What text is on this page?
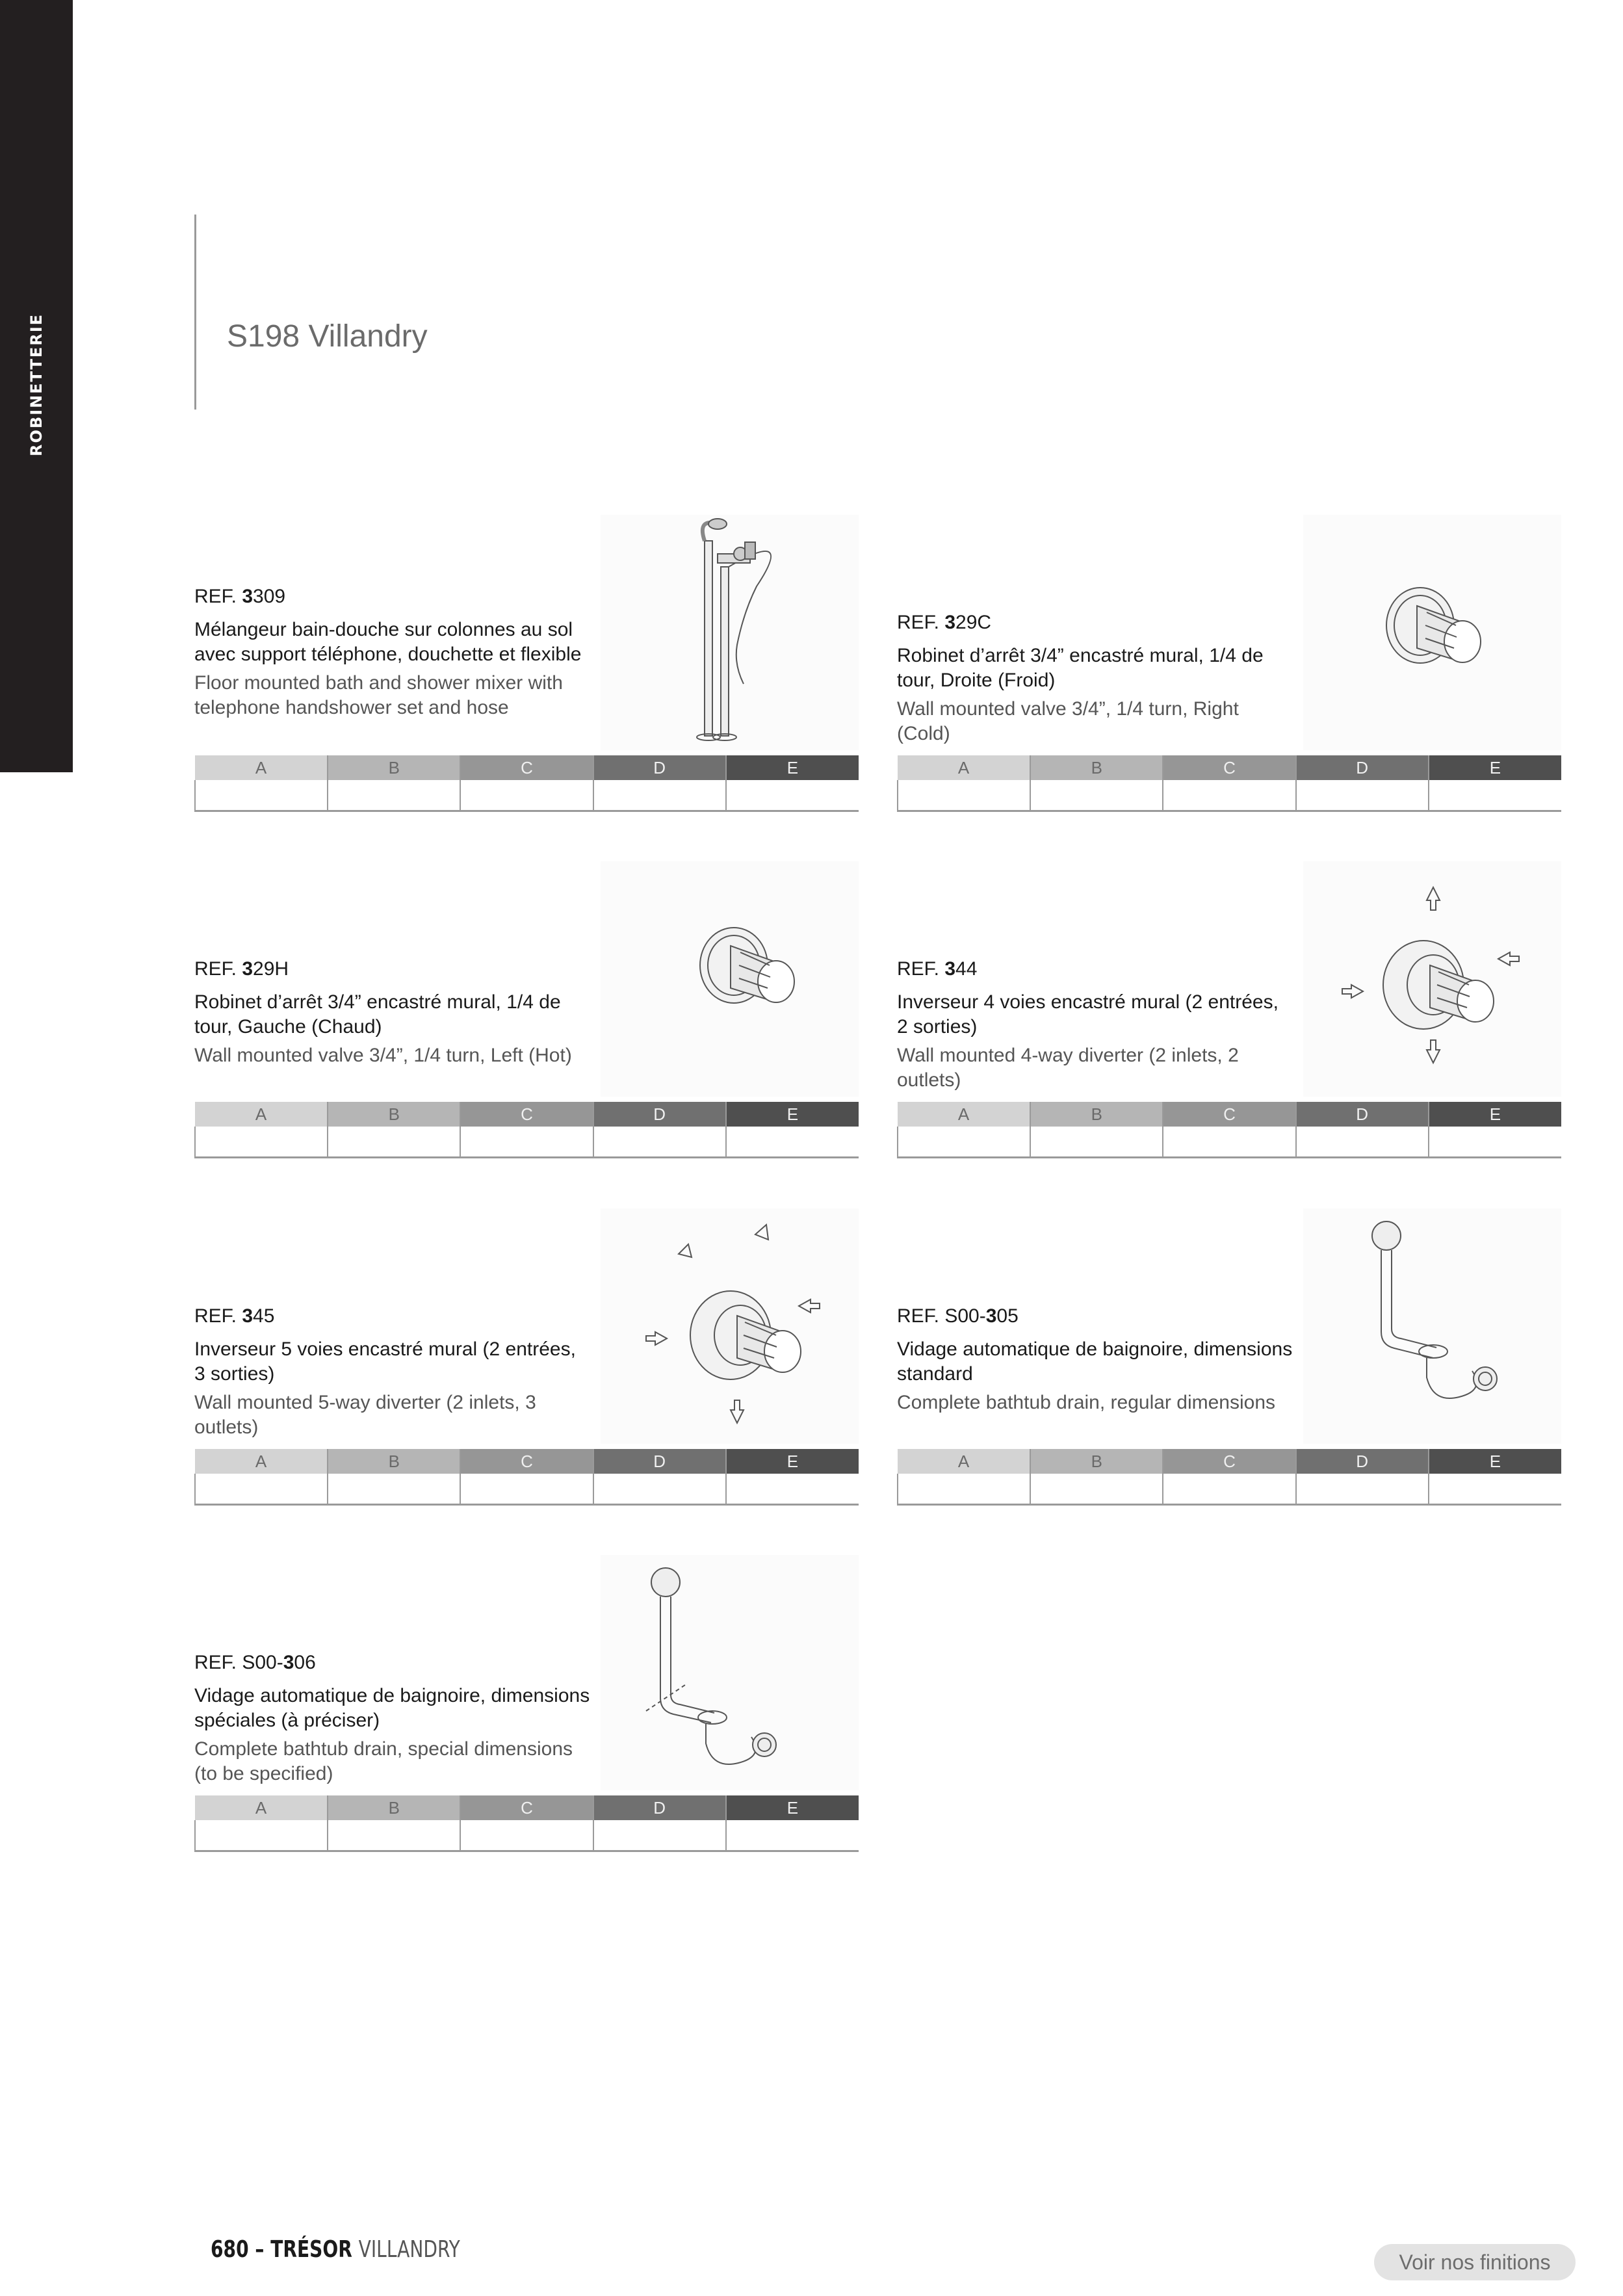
ROBINETTERIE	S198 Villandry
REF. 3309
Mélangeur bain-douche sur colonnes au sol avec support téléphone, douchette et flexible
Floor mounted bath and shower mixer with telephone handshower set and hose
A	B	C	D	E

REF. 329C
Robinet d’arrêt 3/4” encastré mural, 1/4 de tour, Droite (Froid)
Wall mounted valve 3/4”, 1/4 turn, Right (Cold)
A	B	C	D	E

REF. 329H
Robinet d’arrêt 3/4” encastré mural, 1/4 de tour, Gauche (Chaud)
Wall mounted valve 3/4”, 1/4 turn, Left (Hot)
A	B	C	D	E

REF. 344
Inverseur 4 voies encastré mural (2 entrées, 2 sorties)
Wall mounted 4-way diverter (2 inlets, 2 outlets)
A	B	C	D	E

REF. 345
Inverseur 5 voies encastré mural (2 entrées, 3 sorties)
Wall mounted 5-way diverter (2 inlets, 3 outlets)
A	B	C	D	E

REF. S00-305
Vidage automatique de baignoire, dimensions standard
Complete bathtub drain, regular dimensions
A	B	C	D	E

REF. S00-306
Vidage automatique de baignoire, dimensions spéciales (à préciser)
Complete bathtub drain, special dimensions (to be specified)
A	B	C	D	E

680 – TRÉSOR VILLANDRY	Voir nos finitions
